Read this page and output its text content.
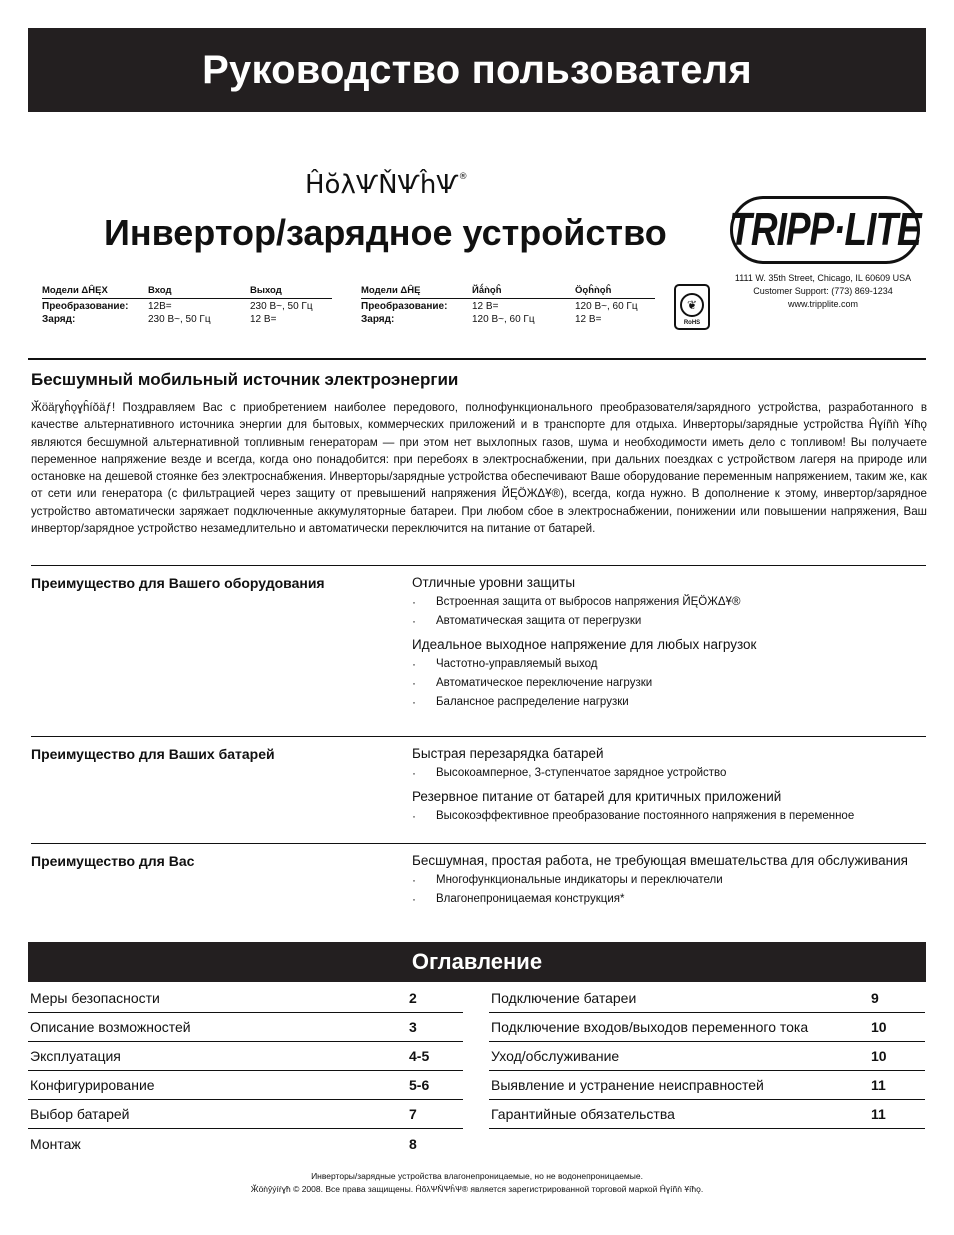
Руководство пользователя
ĤŏλѰŇѰĥѰ®
Инвертор/зарядное устройство TRIPP·LITE
1111 W. 35th Street, Chicago, IL 60609 USA
Customer Support: (773) 869-1234
www.tripplite.com
Модели ΔĤĘΧ	Вход	Выход
Преобразование:	12В=	230 В~, 50 Гц
Заряд:	230 В~, 50 Гц	12 В=
Модели ΔĤĘ	Йǻǹǫĥ	Öǫĥǹǫĥ
Преобразование:	12 В=	120 В~, 60 Гц
Заряд:	120 В~, 60 Гц	12 В=
❦
RoHS
Бесшумный мобильный источник электроэнергии
Ӂöäŗɣĥǫɣĥíŏäƒ! Поздравляем Вас с приобретением наиболее передового, полнофункционального преобразователя/зарядного устройства, разработанного в качестве альтернативного источника энергии для бытовых, коммерческих приложений и в транспорте для отдыха. Инверторы/зарядные устройства Ĥɣíñǹ Ұíħǫ являются бесшумной альтернативной топливным генераторам — при этом нет выхлопных газов, шума и необходимости иметь дело с топливом! Вы получаете переменное напряжение везде и всегда, когда оно понадобится: при перебоях в электроснабжении, при дальних поездках с устройством лагеря на природе или остановке на дешевой стоянке без электроснабжения. Инверторы/зарядные устройства обеспечивают Ваше оборудование переменным напряжением, таким же, как от сети или генератора (с фильтрацией через защиту от превышений напряжения ЙĘÖЖΔҰ®), всегда, когда нужно. В дополнение к этому, инвертор/зарядное устройство автоматически заряжает подключенные аккумуляторные батареи. При любом сбое в электроснабжении, понижении или повышении напряжения, Ваш инвертор/зарядное устройство незамедлительно и автоматически переключится на питание от батарей.
Преимущество для Вашего оборудования	Отличные уровни защиты
· Встроенная защита от выбросов напряжения ЙĘÖЖΔҰ®
· Автоматическая защита от перегрузки
Идеальное выходное напряжение для любых нагрузок
· Частотно-управляемый выход
· Автоматическое переключение нагрузки
· Балансное распределение нагрузки
Преимущество для Ваших батарей	Быстрая перезарядка батарей
· Высокоамперное, 3-ступенчатое зарядное устройство
Резервное питание от батарей для критичных приложений
· Высокоэффективное преобразование постоянного напряжения в переменное
Преимущество для Вас	Бесшумная, простая работа, не требующая вмешательства для обслуживания
· Многофункциональные индикаторы и переключатели
· Влагонепроницаемая конструкция*
Оглавление
Меры безопасности	2
Описание возможностей	3
Эксплуатация	4-5
Конфигурирование	5-6
Выбор батарей	7
Монтаж	8
Подключение батареи	9
Подключение входов/выходов переменного тока	10
Уход/обслуживание	10
Выявление и устранение неисправностей	11
Гарантийные обязательства	11
Инверторы/зарядные устройства влагонепроницаемые, но не водонепроницаемые.
Ӂöǹŷýíŕɣħ © 2008. Все права защищены. ĤŏλѰŇѰĥѰ® является зарегистрированной торговой маркой Ĥɣíñǹ Ұíħǫ.
